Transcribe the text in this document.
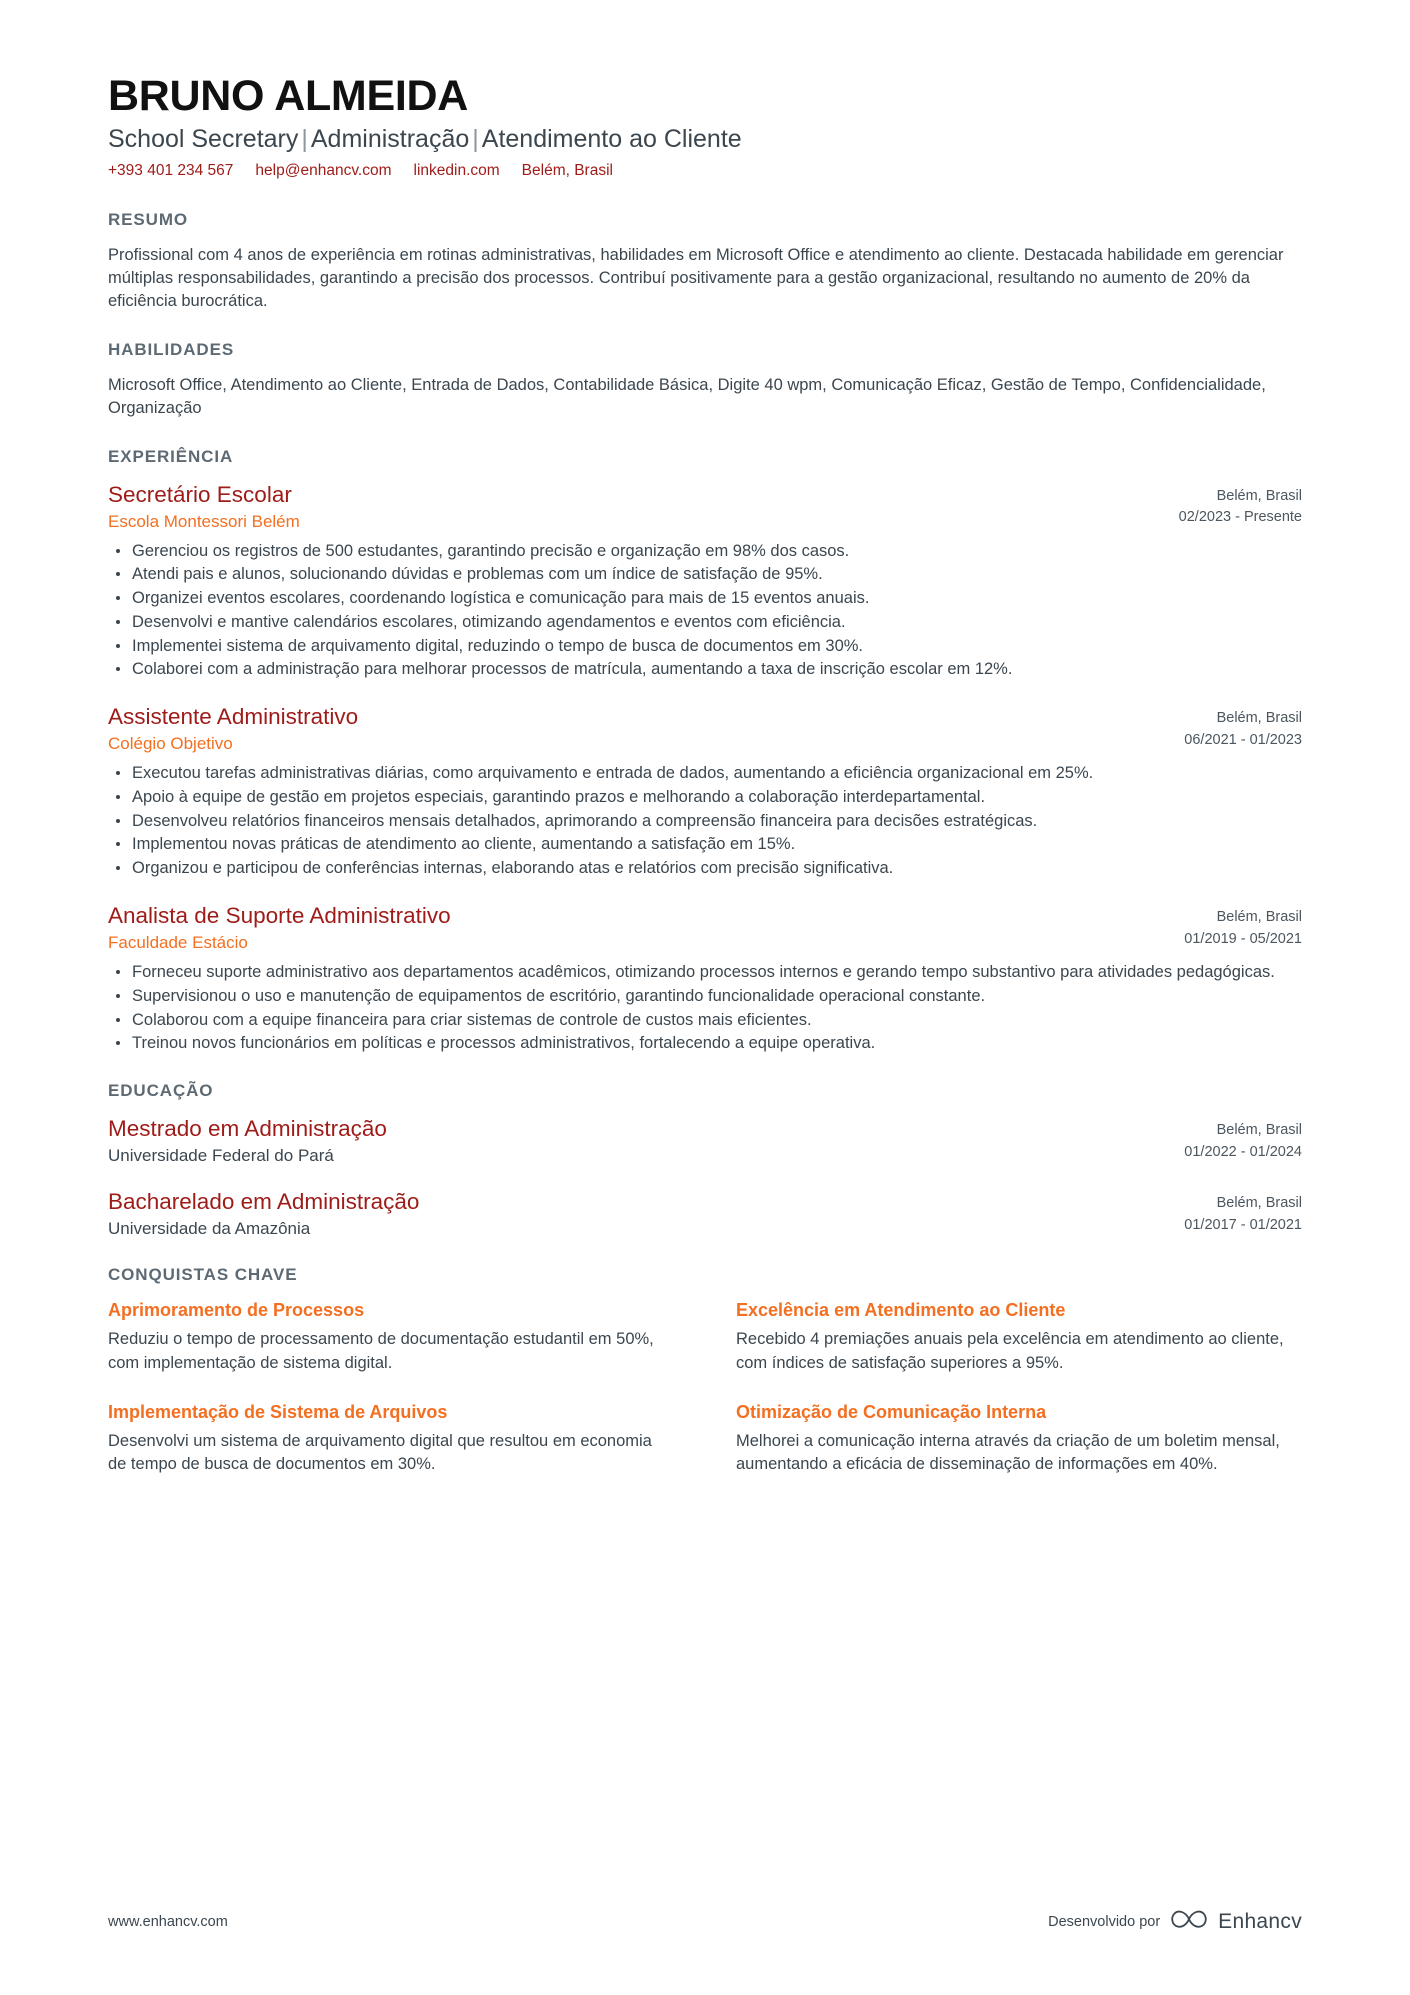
BRUNO ALMEIDA
School Secretary | Administração | Atendimento ao Cliente
+393 401 234 567 help@enhancv.com linkedin.com Belém, Brasil
RESUMO

Profissional com 4 anos de experiência em rotinas administrativas, habilidades em Microsoft Office e atendimento ao cliente. Destacada habilidade em gerenciar múltiplas responsabilidades, garantindo a precisão dos processos. Contribuí positivamente para a gestão organizacional, resultando no aumento de 20% da eficiência burocrática.

HABILIDADES

Microsoft Office, Atendimento ao Cliente, Entrada de Dados, Contabilidade Básica, Digite 40 wpm, Comunicação Eficaz, Gestão de Tempo, Confidencialidade, Organização

EXPERIÊNCIA
Secretário Escolar
Escola Montessori Belém
Belém, Brasil
02/2023 - Presente
Gerenciou os registros de 500 estudantes, garantindo precisão e organização em 98% dos casos.
Atendi pais e alunos, solucionando dúvidas e problemas com um índice de satisfação de 95%.
Organizei eventos escolares, coordenando logística e comunicação para mais de 15 eventos anuais.
Desenvolvi e mantive calendários escolares, otimizando agendamentos e eventos com eficiência.
Implementei sistema de arquivamento digital, reduzindo o tempo de busca de documentos em 30%.
Colaborei com a administração para melhorar processos de matrícula, aumentando a taxa de inscrição escolar em 12%.
Assistente Administrativo
Colégio Objetivo
Belém, Brasil
06/2021 - 01/2023
Executou tarefas administrativas diárias, como arquivamento e entrada de dados, aumentando a eficiência organizacional em 25%.
Apoio à equipe de gestão em projetos especiais, garantindo prazos e melhorando a colaboração interdepartamental.
Desenvolveu relatórios financeiros mensais detalhados, aprimorando a compreensão financeira para decisões estratégicas.
Implementou novas práticas de atendimento ao cliente, aumentando a satisfação em 15%.
Organizou e participou de conferências internas, elaborando atas e relatórios com precisão significativa.
Analista de Suporte Administrativo
Faculdade Estácio
Belém, Brasil
01/2019 - 05/2021
Forneceu suporte administrativo aos departamentos acadêmicos, otimizando processos internos e gerando tempo substantivo para atividades pedagógicas.
Supervisionou o uso e manutenção de equipamentos de escritório, garantindo funcionalidade operacional constante.
Colaborou com a equipe financeira para criar sistemas de controle de custos mais eficientes.
Treinou novos funcionários em políticas e processos administrativos, fortalecendo a equipe operativa.
EDUCAÇÃO
Mestrado em Administração
Universidade Federal do Pará
Belém, Brasil
01/2022 - 01/2024
Bacharelado em Administração
Universidade da Amazônia
Belém, Brasil
01/2017 - 01/2021
CONQUISTAS CHAVE
Aprimoramento de Processos

Reduziu o tempo de processamento de documentação estudantil em 50%, com implementação de sistema digital.

Excelência em Atendimento ao Cliente

Recebido 4 premiações anuais pela excelência em atendimento ao cliente, com índices de satisfação superiores a 95%.

Implementação de Sistema de Arquivos

Desenvolvi um sistema de arquivamento digital que resultou em economia de tempo de busca de documentos em 30%.

Otimização de Comunicação Interna

Melhorei a comunicação interna através da criação de um boletim mensal, aumentando a eficácia de disseminação de informações em 40%.

www.enhancv.com	Desenvolvido por	Enhancv
